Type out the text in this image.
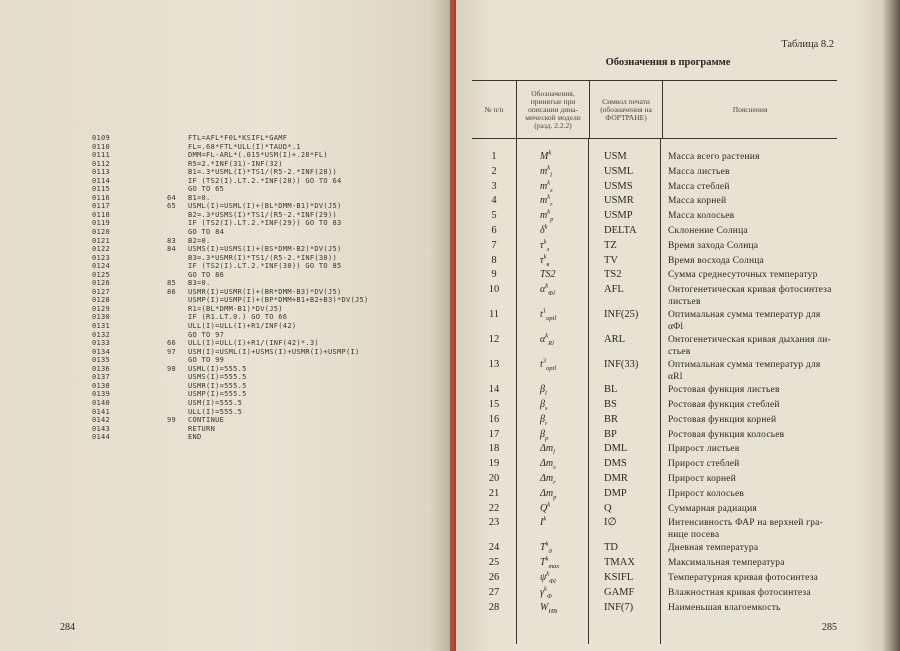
0109	FTL=AFL*F0L*KSIFL*GAMF
0110	FL=.68*FTL*ULL(I)*TAUD*.1
0111	DMM=FL-ARL*(.015*USM(I)+.28*FL)
0112	R5=2.*INF(31)-INF(32)
0113	B1=.3*USML(I)*TS1/(R5-2.*INF(28))
0114	IF (TS2(I).LT.2.*INF(28)) GO TO 64
0115	GO TO 65
0116	64 B1=0.
0117	65 USML(I)=USML(I)+(BL*DMM-B1)*DV(J5)
0118	B2=.3*USMS(I)*TS1/(R5-2.*INF(29))
0119	IF (TS2(I).LT.2.*INF(29)) GO TO 83
0120	GO TO 84
0121	83 B2=0.
0122	84 USMS(I)=USMS(I)+(BS*DMM-B2)*DV(J5)
0123	B3=.3*USMR(I)*TS1/(R5-2.*INF(30))
0124	IF (TS2(I).LT.2.*INF(30)) GO TO 85
0125	GO TO 86
0126	85 B3=0.
0127	86 USMR(I)=USMR(I)+(BR*DMM-B3)*DV(J5)
0128	USMP(I)=USMP(I)+(BP*DMM+B1+B2+B3)*DV(J5)
0129	R1=(BL*DMM-B1)*DV(J5)
0130	IF (R1.LT.0.) GO TO 66
0131	ULL(I)=ULL(I)+R1/INF(42)
0132	GO TO 97
0133	66 ULL(I)=ULL(I)+R1/(INF(42)*.3)
0134	97 USM(I)=USML(I)+USMS(I)+USMR(I)+USMP(I)
0135	GO TO 99
0136	98 USML(I)=555.5
0137	USMS(I)=555.5
0138	USMR(I)=555.5
0139	USMP(I)=555.5
0140	USM(I)=555.5
0141	ULL(I)=555.5
0142	99 CONTINUE
0143	RETURN
0144	END
284
Таблица 8.2
Обозначения в программе
285
№ п/п
Обозначения, принятые при описании дина-мической модели (разд. 2.2.2)
Символ печати (обозначения на ФОРТРАНЕ)
Пояснения
1	$M^k$	USM	Масса всего растения
2	$m^k_l$	USML	Масса листьев
3	$m^k_s$	USMS	Масса стеблей
4	$m^k_r$	USMR	Масса корней
5	$m^k_p$	USMP	Масса колосьев
6	$\delta^k$	DELTA	Склонение Солнца
7	$\tau^k_з$	TZ	Время захода Солнца
8	$\tau^k_в$	TV	Время восхода Солнца
9	TS2	TS2	Сумма среднесуточных температур
10	$\alpha^k_{\Phi l}$	AFL	Онтогенетическая кривая фотосинтеза листьев
11	$t^1_{optl}$	INF(25)	Оптимальная сумма температур для αΦl
12	$\alpha^k_{Rl}$	ARL	Онтогенетическая кривая дыхания ли-стьев
13	$t^3_{optl}$	INF(33)	Оптимальная сумма температур для αRl
14	$\beta_l$	BL	Ростовая функция листьев
15	$\beta_s$	BS	Ростовая функция стеблей
16	$\beta_r$	BR	Ростовая функция корней
17	$\beta_p$	BP	Ростовая функция колосьев
18	$\Delta m_l$	DML	Прирост листьев
19	$\Delta m_s$	DMS	Прирост стеблей
20	$\Delta m_r$	DMR	Прирост корней
21	$\Delta m_p$	DMP	Прирост колосьев
22	$Q^k$	Q	Суммарная радиация
23	$I^k$	I∅	Интенсивность ФАР на верхней гра-нице посева
24	$T^k_д$	TD	Дневная температура
25	$T^k_{max}$	TMAX	Максимальная температура
26	$\psi^k_{\Phi l}$	KSIFL	Температурная кривая фотосинтеза
27	$\gamma^k_\Phi$	GAMF	Влажностная кривая фотосинтеза
28	$W_{НВ}$	INF(7)	Наименьшая влагоемкость
